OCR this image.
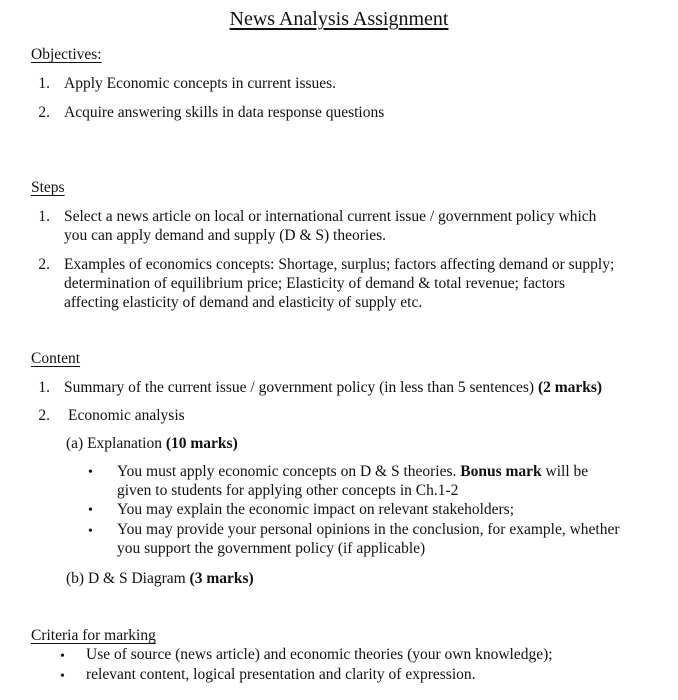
News Analysis Assignment
Objectives:
1. Apply Economic concepts in current issues.
2. Acquire answering skills in data response questions
Steps
1. Select a news article on local or international current issue / government policy which
you can apply demand and supply (D & S) theories.
2. Examples of economics concepts: Shortage, surplus; factors affecting demand or supply;
determination of equilibrium price; Elasticity of demand & total revenue; factors
affecting elasticity of demand and elasticity of supply etc.
Content
1. Summary of the current issue / government policy (in less than 5 sentences) (2 marks)
2. Economic analysis
(a) Explanation (10 marks)
• You must apply economic concepts on D & S theories. Bonus mark will be
given to students for applying other concepts in Ch.1-2
• You may explain the economic impact on relevant stakeholders;
• You may provide your personal opinions in the conclusion, for example, whether
you support the government policy (if applicable)
(b) D & S Diagram (3 marks)
Criteria for marking
• Use of source (news article) and economic theories (your own knowledge);
• relevant content, logical presentation and clarity of expression.
